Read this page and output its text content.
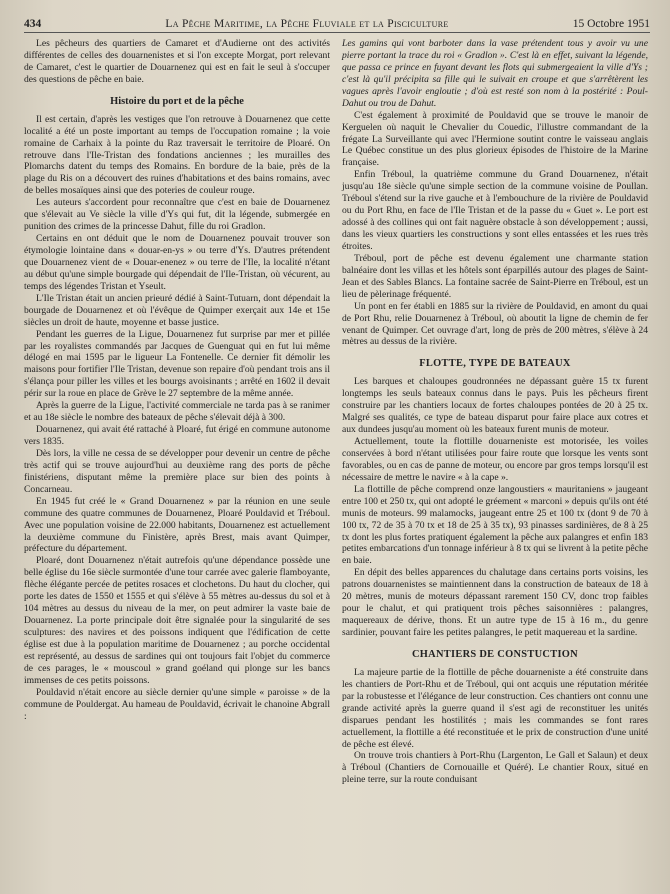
434	La Pêche Maritime, la Pêche Fluviale et la Pisciculture	15 Octobre 1951

Les pêcheurs des quartiers de Camaret et d'Audierne ont des activités différentes de celles des douarnenistes et si l'on excepte Morgat, port relevant de Camaret, c'est le quartier de Douarnenez qui est en fait le seul à s'occuper des questions de pêche en baie.

Histoire du port et de la pêche

Il est certain, d'après les vestiges que l'on retrouve à Douarnenez que cette localité a été un poste important au temps de l'occupation romaine ; la voie romaine de Carhaix à la pointe du Raz traversait le territoire de Ploaré. On retrouve dans l'Ile-Tristan des fondations anciennes ; les murailles des Plomarchs datent du temps des Romains. En bordure de la baie, près de la plage du Ris on a découvert des ruines d'habitations et des bains romains, avec de belles mosaïques ainsi que des poteries de couleur rouge.

Les auteurs s'accordent pour reconnaître que c'est en baie de Douarnenez que s'élevait au Ve siècle la ville d'Ys qui fut, dit la légende, submergée en punition des crimes de la princesse Dahut, fille du roi Gradlon.

Certains en ont déduit que le nom de Douarnenez pouvait trouver son étymologie lointaine dans « douar-en-ys » ou terre d'Ys. D'autres prétendent que Douarnenez vient de « Douar-enenez » ou terre de l'Ile, la localité n'étant au début qu'une simple bourgade qui dépendait de l'Ile-Tristan, où vécurent, au temps des légendes Tristan et Yseult.

L'Ile Tristan était un ancien prieuré dédié à Saint-Tutuarn, dont dépendait la bourgade de Douarnenez et où l'évêque de Quimper exerçait aux 14e et 15e siècles un droit de haute, moyenne et basse justice.

Pendant les guerres de la Ligue, Douarnenez fut surprise par mer et pillée par les royalistes commandés par Jacques de Guenguat qui en fut lui même délogé en mai 1595 par le ligueur La Fontenelle. Ce dernier fit démolir les maisons pour fortifier l'Ile Tristan, devenue son repaire d'où pendant trois ans il s'élança pour piller les villes et les bourgs avoisinants ; arrêté en 1602 il devait périr sur la roue en place de Grève le 27 septembre de la même année.

Après la guerre de la Ligue, l'activité commerciale ne tarda pas à se ranimer et au 18e siècle le nombre des bateaux de pêche s'élevait déjà à 300.

Douarnenez, qui avait été rattaché à Ploaré, fut érigé en commune autonome vers 1835.

Dès lors, la ville ne cessa de se développer pour devenir un centre de pêche très actif qui se trouve aujourd'hui au deuxième rang des ports de pêche finistériens, disputant même la première place sur bien des points à Concarneau.

En 1945 fut créé le « Grand Douarnenez » par la réunion en une seule commune des quatre communes de Douarnenez, Ploaré Pouldavid et Tréboul. Avec une population voisine de 22.000 habitants, Douarnenez est actuellement la deuxième commune du Finistère, après Brest, mais avant Quimper, préfecture du département.

Ploaré, dont Douarnenez n'était autrefois qu'une dépendance possède une belle église du 16e siècle surmontée d'une tour carrée avec galerie flamboyante, flèche élégante percée de petites rosaces et clochetons. Du haut du clocher, qui porte les dates de 1550 et 1555 et qui s'élève à 55 mètres au-dessus du sol et à 104 mètres au dessus du niveau de la mer, on peut admirer la vaste baie de Douarnenez. La porte principale doit être signalée pour la singularité de ses sculptures: des navires et des poissons indiquent que l'édification de cette église est due à la population maritime de Douarnenez ; au porche occidental est représenté, au dessus de sardines qui ont toujours fait l'objet du commerce de ces parages, le « mouscoul » grand goéland qui plonge sur les bancs immenses de ces petits poissons.

Pouldavid n'était encore au siècle dernier qu'une simple « paroisse » de la commune de Pouldergat. Au hameau de Pouldavid, écrivait le chanoine Abgrall :

Les gamins qui vont barboter dans la vase prétendent tous y avoir vu une pierre portant la trace du roi « Gradlon ». C'est là en effet, suivant la légende, que passa ce prince en fuyant devant les flots qui submergeaient la ville d'Ys ; c'est là qu'il précipita sa fille qui le suivait en croupe et que s'arrêtèrent les vagues après l'avoir engloutie ; d'où est resté son nom à la postérité : Poul-Dahut ou trou de Dahut.

C'est également à proximité de Pouldavid que se trouve le manoir de Kerguelen où naquit le Chevalier du Couedic, l'illustre commandant de la frégate La Surveillante qui avec l'Hermione soutint contre le vaisseau anglais Le Québec constitue un des plus glorieux épisodes de l'histoire de la Marine française.

Enfin Tréboul, la quatrième commune du Grand Douarnenez, n'était jusqu'au 18e siècle qu'une simple section de la commune voisine de Poullan. Tréboul s'étend sur la rive gauche et à l'embouchure de la rivière de Pouldavid ou du Port Rhu, en face de l'Ile Tristan et de la passe du « Guet ». Le port est adossé à des collines qui ont fait naguère obstacle à son développement ; aussi, dans les vieux quartiers les constructions y sont elles entassées et les rues très étroites.

Tréboul, port de pêche est devenu également une charmante station balnéaire dont les villas et les hôtels sont éparpillés autour des plages de Saint-Jean et des Sables Blancs. La fontaine sacrée de Saint-Pierre en Tréboul, est un lieu de pèlerinage fréquenté.

Un pont en fer établi en 1885 sur la rivière de Pouldavid, en amont du quai de Port Rhu, relie Douarnenez à Tréboul, où aboutit la ligne de chemin de fer venant de Quimper. Cet ouvrage d'art, long de près de 200 mètres, s'élève à 24 mètres au dessus de la rivière.

FLOTTE, TYPE DE BATEAUX

Les barques et chaloupes goudronnées ne dépassant guère 15 tx furent longtemps les seuls bateaux connus dans le pays. Puis les pêcheurs firent construire par les chantiers locaux de fortes chaloupes pontées de 20 à 25 tx. Malgré ses qualités, ce type de bateau disparut pour faire place aux cotres et aux dundees jusqu'au moment où les bateaux furent munis de moteur.

Actuellement, toute la flottille douarneniste est motorisée, les voiles conservées à bord n'étant utilisées pour faire route que lorsque les vents sont favorables, ou en cas de panne de moteur, ou encore par gros temps lorsqu'il est nécessaire de mettre le navire « à la cape ».

La flottille de pêche comprend onze langoustiers « mauritaniens » jaugeant entre 100 et 250 tx, qui ont adopté le gréement « marconi » depuis qu'ils ont été munis de moteurs. 99 malamocks, jaugeant entre 25 et 100 tx (dont 9 de 70 à 100 tx, 72 de 35 à 70 tx et 18 de 25 à 35 tx), 93 pinasses sardinières, de 8 à 25 tx dont les plus fortes pratiquent également la pêche aux palangres et enfin 183 petites embarcations d'un tonnage inférieur à 8 tx qui se livrent à la petite pêche en baie.

En dépit des belles apparences du chalutage dans certains ports voisins, les patrons douarnenistes se maintiennent dans la construction de bateaux de 18 à 20 mètres, munis de moteurs dépassant rarement 150 CV, donc trop faibles pour le chalut, et qui pratiquent trois pêches saisonnières : palangres, maquereaux de dérive, thons. Et un autre type de 15 à 16 m., du genre sardinier, pouvant faire les petites palangres, le petit maquereau et la sardine.

CHANTIERS DE CONSTUCTION

La majeure partie de la flottille de pêche douarneniste a été construite dans les chantiers de Port-Rhu et de Tréboul, qui ont acquis une réputation méritée par la robustesse et l'élégance de leur construction. Ces chantiers ont connu une grande activité après la guerre quand il s'est agi de reconstituer les unités disparues pendant les hostilités ; mais les commandes se font rares actuellement, la flottille a été reconstituée et le prix de construction d'une unité de pêche est élevé.

On trouve trois chantiers à Port-Rhu (Largenton, Le Gall et Salaun) et deux à Tréboul (Chantiers de Cornouaille et Quéré). Le chantier Roux, situé en pleine terre, sur la route conduisant
